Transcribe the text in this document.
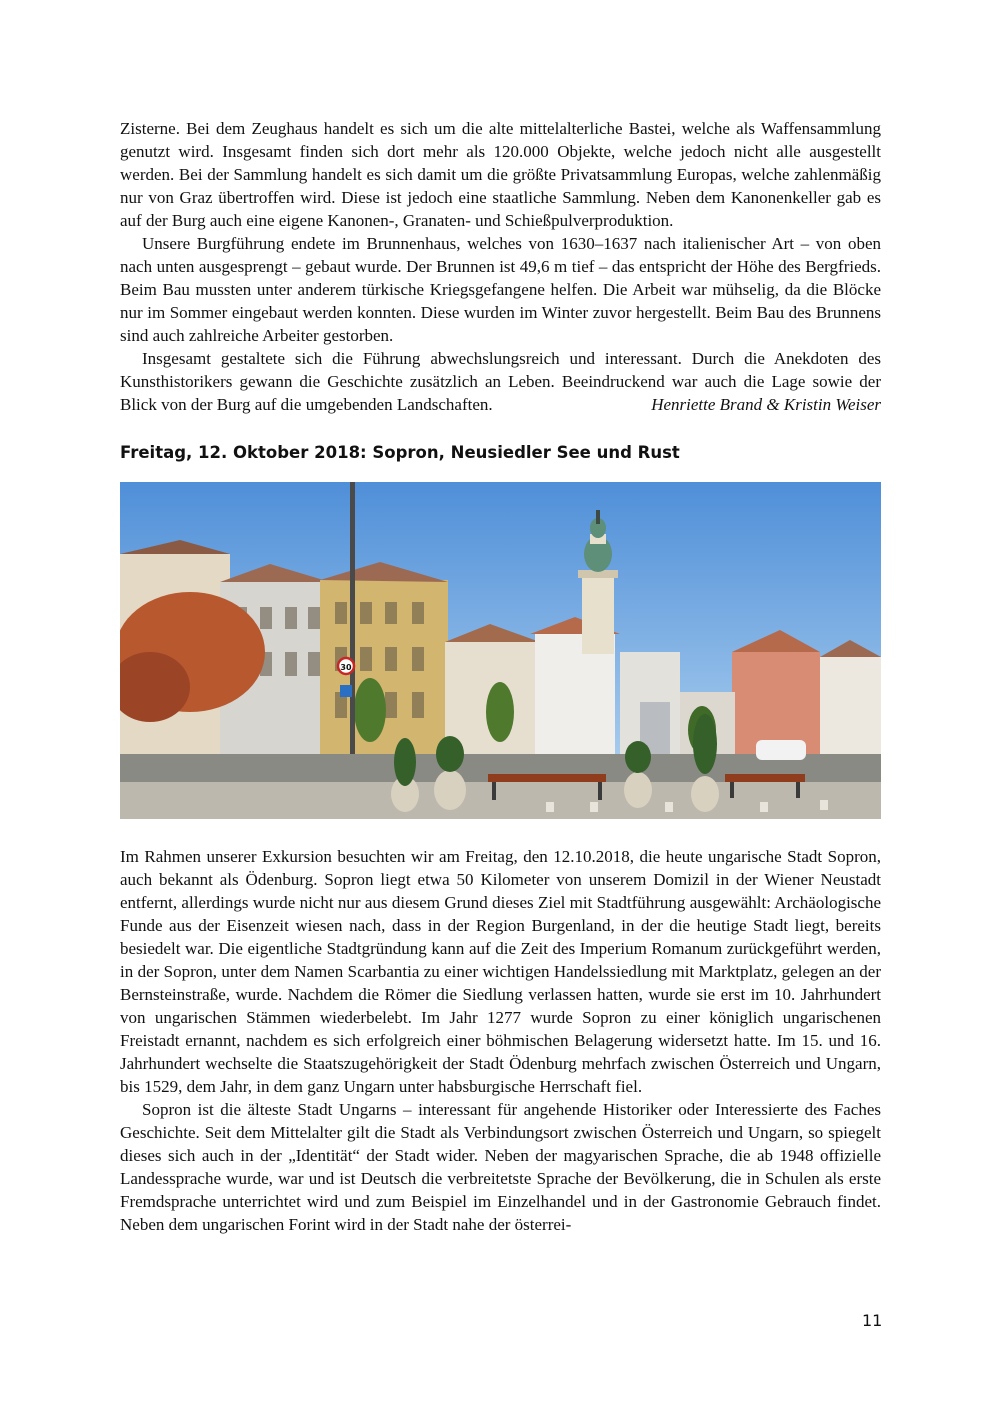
Zisterne. Bei dem Zeughaus handelt es sich um die alte mittelalterliche Bastei, welche als Waffensammlung genutzt wird. Insgesamt finden sich dort mehr als 120.000 Objekte, welche jedoch nicht alle ausgestellt werden. Bei der Sammlung handelt es sich damit um die größte Privatsammlung Europas, welche zahlenmäßig nur von Graz übertroffen wird. Diese ist jedoch eine staatliche Sammlung. Neben dem Kanonenkeller gab es auf der Burg auch eine eigene Kanonen-, Granaten- und Schießpulverproduktion.

Unsere Burgführung endete im Brunnenhaus, welches von 1630–1637 nach italienischer Art – von oben nach unten ausgesprengt – gebaut wurde. Der Brunnen ist 49,6 m tief – das entspricht der Höhe des Bergfrieds. Beim Bau mussten unter anderem türkische Kriegsgefangene helfen. Die Arbeit war mühselig, da die Blöcke nur im Sommer eingebaut werden konnten. Diese wurden im Winter zuvor hergestellt. Beim Bau des Brunnens sind auch zahlreiche Arbeiter gestorben.

Insgesamt gestaltete sich die Führung abwechslungsreich und interessant. Durch die Anekdoten des Kunsthistorikers gewann die Geschichte zusätzlich an Leben. Beeindruckend war auch die Lage sowie der Blick von der Burg auf die umgebenden Landschaften.	Henriette Brand & Kristin Weiser

Freitag, 12. Oktober 2018: Sopron, Neusiedler See und Rust
30

Im Rahmen unserer Exkursion besuchten wir am Freitag, den 12.10.2018, die heute ungarische Stadt Sopron, auch bekannt als Ödenburg. Sopron liegt etwa 50 Kilometer von unserem Domizil in der Wiener Neustadt entfernt, allerdings wurde nicht nur aus diesem Grund dieses Ziel mit Stadtführung ausgewählt: Archäologische Funde aus der Eisenzeit wiesen nach, dass in der Region Burgenland, in der die heutige Stadt liegt, bereits besiedelt war. Die eigentliche Stadtgründung kann auf die Zeit des Imperium Romanum zurückgeführt werden, in der Sopron, unter dem Namen Scarbantia zu einer wichtigen Handelssiedlung mit Marktplatz, gelegen an der Bernsteinstraße, wurde. Nachdem die Römer die Siedlung verlassen hatten, wurde sie erst im 10. Jahrhundert von ungarischen Stämmen wiederbelebt. Im Jahr 1277 wurde Sopron zu einer königlich ungarischenen Freistadt ernannt, nachdem es sich erfolgreich einer böhmischen Belagerung widersetzt hatte. Im 15. und 16. Jahrhundert wechselte die Staatszugehörigkeit der Stadt Ödenburg mehrfach zwischen Österreich und Ungarn, bis 1529, dem Jahr, in dem ganz Ungarn unter habsburgische Herrschaft fiel.

Sopron ist die älteste Stadt Ungarns – interessant für angehende Historiker oder Interessierte des Faches Geschichte. Seit dem Mittelalter gilt die Stadt als Verbindungsort zwischen Österreich und Ungarn, so spiegelt dieses sich auch in der „Identität“ der Stadt wider. Neben der magyarischen Sprache, die ab 1948 offizielle Landessprache wurde, war und ist Deutsch die verbreitetste Sprache der Bevölkerung, die in Schulen als erste Fremdsprache unterrichtet wird und zum Beispiel im Einzelhandel und in der Gastronomie Gebrauch findet. Neben dem ungarischen Forint wird in der Stadt nahe der österrei-

11
